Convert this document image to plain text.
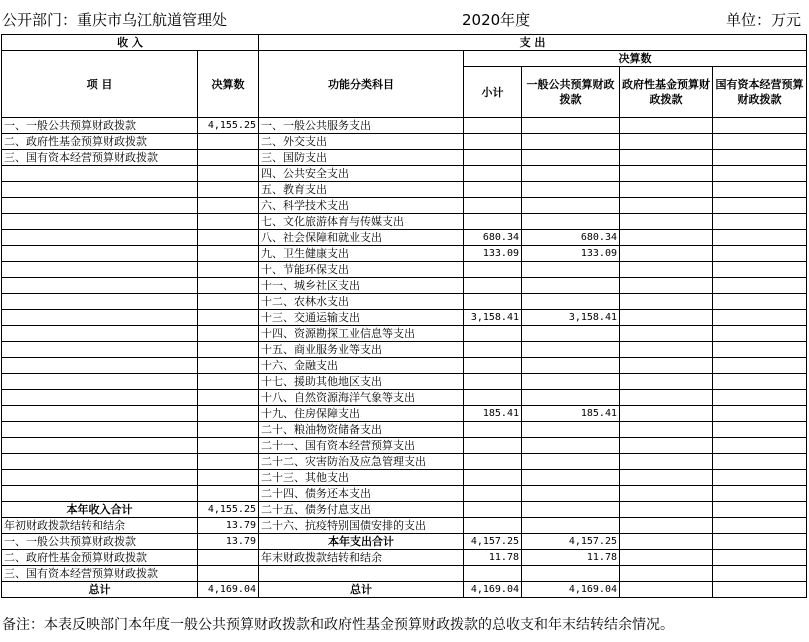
公开部门：重庆市乌江航道管理处	2020年度	单位：万元
收 入		支 出				
项 目	决算数	功能分类科目	决算数			
			小计	一般公共预算财政拨款	政府性基金预算财政拨款	国有资本经营预算财政拨款
一、一般公共预算财政拨款	4,155.25	一、一般公共服务支出				
二、政府性基金预算财政拨款		二、外交支出				
三、国有资本经营预算财政拨款		三、国防支出				
		四、公共安全支出				
		五、教育支出				
		六、科学技术支出				
		七、文化旅游体育与传媒支出				
		八、社会保障和就业支出	680.34	680.34		
		九、卫生健康支出	133.09	133.09		
		十、节能环保支出				
		十一、城乡社区支出				
		十二、农林水支出				
		十三、交通运输支出	3,158.41	3,158.41		
		十四、资源勘探工业信息等支出				
		十五、商业服务业等支出				
		十六、金融支出				
		十七、援助其他地区支出				
		十八、自然资源海洋气象等支出				
		十九、住房保障支出	185.41	185.41		
		二十、粮油物资储备支出				
		二十一、国有资本经营预算支出				
		二十二、灾害防治及应急管理支出				
		二十三、其他支出				
		二十四、债务还本支出				
本年收入合计	4,155.25	二十五、债务付息支出				
年初财政拨款结转和结余	13.79	二十六、抗疫特别国债安排的支出				
一、一般公共预算财政拨款	13.79	本年支出合计	4,157.25	4,157.25		
二、政府性基金预算财政拨款		年末财政拨款结转和结余	11.78	11.78		
三、国有资本经营预算财政拨款						
总计	4,169.04	总计	4,169.04	4,169.04		
备注：本表反映部门本年度一般公共预算财政拨款和政府性基金预算财政拨款的总收支和年末结转结余情况。
